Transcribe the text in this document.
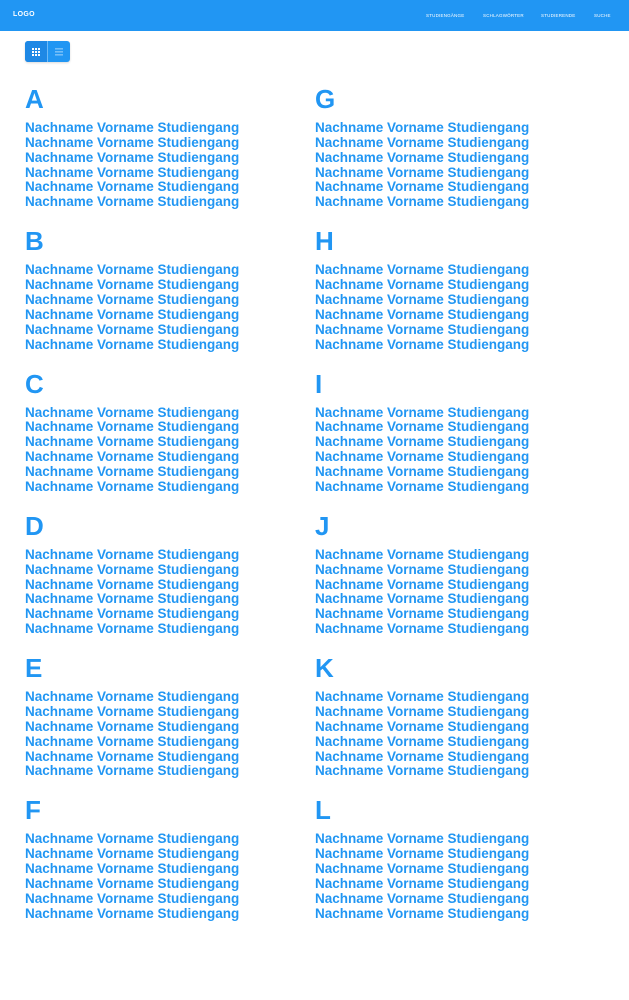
LOGO	STUDIENGÄNGE	SCHLAGWÖRTER	STUDIERENDE	SUCHE
A
Nachname Vorname Studiengang
Nachname Vorname Studiengang
Nachname Vorname Studiengang
Nachname Vorname Studiengang
Nachname Vorname Studiengang
Nachname Vorname Studiengang
B
Nachname Vorname Studiengang
Nachname Vorname Studiengang
Nachname Vorname Studiengang
Nachname Vorname Studiengang
Nachname Vorname Studiengang
Nachname Vorname Studiengang
C
Nachname Vorname Studiengang
Nachname Vorname Studiengang
Nachname Vorname Studiengang
Nachname Vorname Studiengang
Nachname Vorname Studiengang
Nachname Vorname Studiengang
D
Nachname Vorname Studiengang
Nachname Vorname Studiengang
Nachname Vorname Studiengang
Nachname Vorname Studiengang
Nachname Vorname Studiengang
Nachname Vorname Studiengang
E
Nachname Vorname Studiengang
Nachname Vorname Studiengang
Nachname Vorname Studiengang
Nachname Vorname Studiengang
Nachname Vorname Studiengang
Nachname Vorname Studiengang
F
Nachname Vorname Studiengang
Nachname Vorname Studiengang
Nachname Vorname Studiengang
Nachname Vorname Studiengang
Nachname Vorname Studiengang
Nachname Vorname Studiengang
G
Nachname Vorname Studiengang
Nachname Vorname Studiengang
Nachname Vorname Studiengang
Nachname Vorname Studiengang
Nachname Vorname Studiengang
Nachname Vorname Studiengang
H
Nachname Vorname Studiengang
Nachname Vorname Studiengang
Nachname Vorname Studiengang
Nachname Vorname Studiengang
Nachname Vorname Studiengang
Nachname Vorname Studiengang
I
Nachname Vorname Studiengang
Nachname Vorname Studiengang
Nachname Vorname Studiengang
Nachname Vorname Studiengang
Nachname Vorname Studiengang
Nachname Vorname Studiengang
J
Nachname Vorname Studiengang
Nachname Vorname Studiengang
Nachname Vorname Studiengang
Nachname Vorname Studiengang
Nachname Vorname Studiengang
Nachname Vorname Studiengang
K
Nachname Vorname Studiengang
Nachname Vorname Studiengang
Nachname Vorname Studiengang
Nachname Vorname Studiengang
Nachname Vorname Studiengang
Nachname Vorname Studiengang
L
Nachname Vorname Studiengang
Nachname Vorname Studiengang
Nachname Vorname Studiengang
Nachname Vorname Studiengang
Nachname Vorname Studiengang
Nachname Vorname Studiengang
